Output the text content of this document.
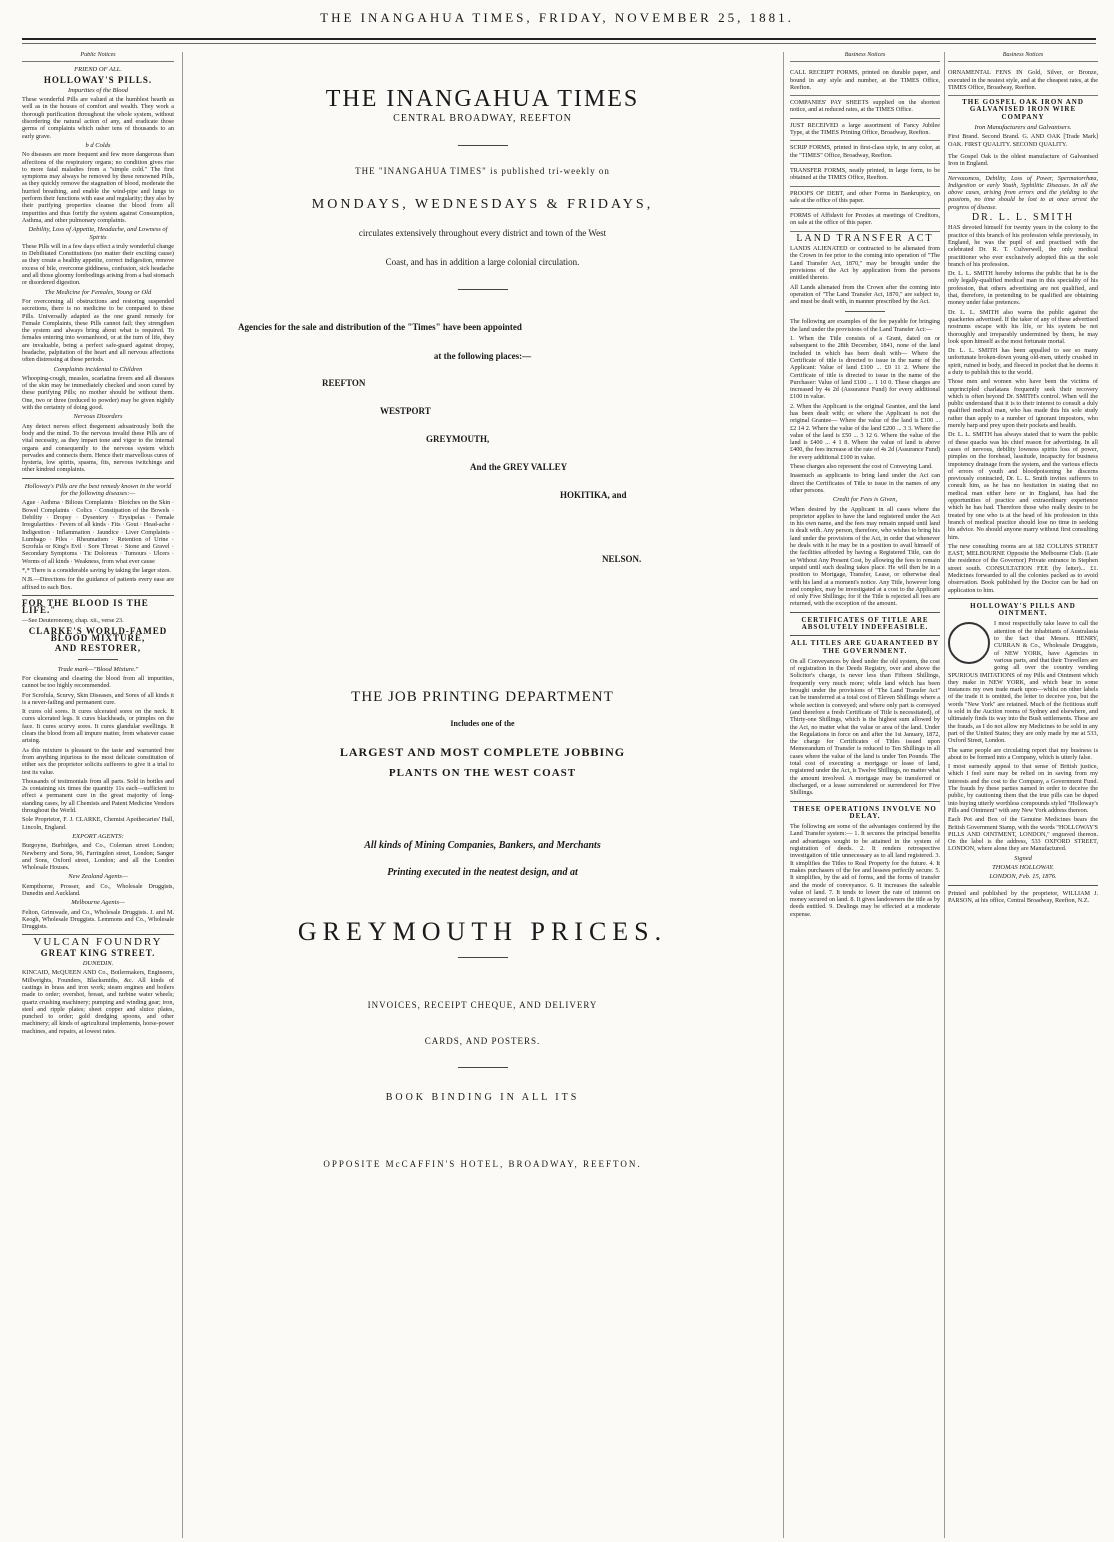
THE INANGAHUA TIMES, FRIDAY, NOVEMBER 25, 1881.
Public Notices
FRIEND OF ALL.
HOLLOWAY'S PILLS.
Impurities of the Blood
These wonderful Pills are valued at the humblest hearth as well as in the houses of comfort and wealth. They work a thorough purification throughout the whole system, without disordering the natural action of any, and eradicate those germs of complaints which usher tens of thousands to an early grave.
b d Colds
No diseases are more frequent and few more dangerous than affections of the respiratory organs; no condition gives rise to more fatal maladies from a "simple cold." The first symptoms may always be removed by these renowned Pills, as they quickly remove the stagnation of blood, moderate the hurried breathing, and enable the wind-pipe and lungs to perform their functions with ease and regularity; they also by their purifying properties cleanse the blood from all impurities and thus fortify the system against Consumption, Asthma, and other pulmonary complaints.
Debility, Loss of Appetite, Headache, and Lowness of Spirits
These Pills will in a few days effect a truly wonderful change in Debilitated Constitutions (no matter their exciting cause) as they create a healthy appetite, correct indigestion, remove excess of bile, overcome giddiness, confusion, sick headache and all those gloomy forebodings arising from a bad stomach or disordered digestion.
The Medicine for Females, Young or Old
For overcoming all obstructions and restoring suspended secretions, there is no medicine to be compared to these Pills. Universally adapted as the one grand remedy for Female Complaints, these Pills cannot fail; they strengthen the system and always bring about what is required. To females entering into womanhood, or at the turn of life, they are invaluable, being a perfect safe-guard against dropsy, headache, palpitation of the heart and all nervous affections often distressing at these periods.
Complaints incidental to Children
Whooping-cough, measles, scarlatina fevers and all diseases of the skin may be immediately checked and soon cured by these purifying Pills; no mother should be without them. One, two or three (reduced to powder) may be given nightly with the certainty of doing good.
Nervous Disorders
Any detect nerves effect thegement adoastrously both the body and the mind. To the nervous invalid these Pills are of vital necessity, as they impart tone and vigor to the internal organs and consequently to the nervous system which pervades and connects them. Hence their marvellous cures of hysteria, low spirits, spasms, fits, nervous twitchings and other kindred complaints.
Holloway's Pills are the best remedy known in the world for the following diseases:—
Ague · Asthma · Bilious Complaints · Blotches on the Skin · Bowel Complaints · Colics · Constipation of the Bowels · Debility · Dropsy · Dysentery · Erysipelas · Female Irregularities · Fevers of all kinds · Fits · Gout · Head-ache · Indigestion · Inflammation · Jaundice · Liver Complaints · Lumbago · Piles · Rheumatism · Retention of Urine · Scrofula or King's Evil · Sore Throat · Stone and Gravel · Secondary Symptoms · Tic Doloreux · Tumours · Ulcers · Worms of all kinds · Weakness, from what ever cause
*,* There is a considerable saving by taking the larger sizes.
N.B.—Directions for the guidance of patients every ease are affixed to each Box.
FOR THE BLOOD IS THE LIFE."
—See Deuteronomy, chap. xii., verse 23.
CLARKE'S WORLD-FAMED BLOOD MIXTURE,
AND RESTORER,
Trade mark—"Blood Mixture."
For cleansing and clearing the blood from all impurities, cannot be too highly recommended.
For Scrofula, Scurvy, Skin Diseases, and Sores of all kinds it is a never-failing and permanent cure.
It cures old sores. It cures ulcerated sores on the neck. It cures ulcerated legs. It cures blackheads, or pimples on the face. It cures scurvy sores. It cures glandular swellings. It clears the blood from all impure matter, from whatever cause arising.
As this mixture is pleasant to the taste and warranted free from anything injurious to the most delicate constitution of either sex the proprietor solicits sufferers to give it a trial to test its value.
Thousands of testimonials from all parts. Sold in bottles and 2s containing six times the quantity 11s each—sufficient to effect a permanent cure in the great majority of long-standing cases, by all Chemists and Patent Medicine Vendors throughout the World.
Sole Proprietor, F. J. CLARKE, Chemist Apothecaries' Hall, Lincoln, England.
EXPORT AGENTS:
Burgoyne, Burbidges, and Co., Coleman street London; Newberry and Sons, 96, Farringdon street, London; Sanger and Sons, Oxford street, London; and all the London Wholesale Houses.
New Zealand Agents—
Kempthorne, Prosser, and Co., Wholesale Druggists, Dunedin and Auckland.
Melbourne Agents—
Felton, Grimwade, and Co., Wholesale Druggists. J. and M. Keogh, Wholesale Druggists. Lemmons and Co., Wholesale Druggists.
VULCAN FOUNDRY
GREAT KING STREET.
DUNEDIN.
KINCAID, McQUEEN AND Co., Boilermakers, Engineers, Millwrights, Founders, Blacksmiths, &c. All kinds of castings in brass and iron work; steam engines and boilers made to order; overshot, breast, and turbine water wheels; quartz crushing machinery; pumping and winding gear; iron, steel and ripple plates; sheet copper and sluice plates, punched to order; gold dredging spoons, and other machinery; all kinds of agricultural implements, horse-power machines, and repairs, at lowest rates.
THE INANGAHUA TIMES
CENTRAL BROADWAY, REEFTON
THE "INANGAHUA TIMES" is published tri-weekly on
MONDAYS, WEDNESDAYS & FRIDAYS,
circulates extensively throughout every district and town of the West
Coast, and has in addition a large colonial circulation.
Agencies for the sale and distribution of the "Times" have been appointed
at the following places:—
REEFTON
WESTPORT
GREYMOUTH,
And the GREY VALLEY
HOKITIKA, and
NELSON.
THE JOB PRINTING DEPARTMENT
Includes one of the
LARGEST AND MOST COMPLETE JOBBING
PLANTS ON THE WEST COAST
All kinds of Mining Companies, Bankers, and Merchants
Printing executed in the neatest design, and at
GREYMOUTH PRICES.
INVOICES, RECEIPT CHEQUE, AND DELIVERY
CARDS, AND POSTERS.
BOOK BINDING IN ALL ITS
OPPOSITE McCAFFIN'S HOTEL, BROADWAY, REEFTON.
Business Notices
CALL RECEIPT FORMS, printed on durable paper, and bound in any style and number, at the TIMES Office, Reefton.
COMPANIES' PAY SHEETS supplied on the shortest notice, and at reduced rates, at the TIMES Office.
JUST RECEIVED a large assortment of Fancy Jubilee Type, at the TIMES Printing Office, Broadway, Reefton.
SCRIP FORMS, printed in first-class style, in any color, at the "TIMES" Office, Broadway, Reefton.
TRANSFER FORMS, neatly printed, in large form, to be obtained at the TIMES Office, Reefton.
PROOFS OF DEBT, and other Forms in Bankruptcy, on sale at the office of this paper.
FORMS of Affidavit for Proxies at meetings of Creditors, on sale at the office of this paper.
LAND TRANSFER ACT
LANDS ALIENATED or contracted to be alienated from the Crown in fee prior to the coming into operation of "The Land Transfer Act, 1870," may be brought under the provisions of the Act by application from the persons entitled thereto.
All Lands alienated from the Crown after the coming into operation of "The Land Transfer Act, 1870," are subject to, and must be dealt with, in manner prescribed by the Act.
The following are examples of the fee payable for bringing the land under the provisions of the Land Transfer Act:—
1. When the Title consists of a Grant, dated on or subsequent to the 28th December, 1841, none of the land included in which has been dealt with— Where the Certificate of title is directed to issue in the name of the Applicant: Value of land £100 ... £0 11 2. Where the Certificate of title is directed to issue in the name of the Purchaser: Value of land £100 ... 1 10 0. These charges are increased by 4s 2d (Assurance Fund) for every additional £100 in value.
2. When the Applicant is the original Grantee, and the land has been dealt with; or where the Applicant is not the original Grantee— Where the value of the land is £100 ... £2 14 2. Where the value of the land £200 ... 3 3. Where the value of the land is £50 ... 3 12 6. Where the value of the land is £400 ... 4 1 8. Where the value of land is above £400, the fees increase at the rate of 4s 2d (Assurance Fund) for every additional £100 in value.
These charges also represent the cost of Conveying Land.
Inasmuch as applicants to bring land under the Act can direct the Certificates of Title to issue in the names of any other persons.
Credit for Fees is Given,
When desired by the Applicant in all cases where the proprietor applies to have the land registered under the Act in his own name, and the fees may remain unpaid until land is dealt with. Any person, therefore, who wishes to bring his land under the provisions of the Act, in order that whenever he deals with it he may be in a position to avail himself of the facilities afforded by having a Registered Title, can do so Without Any Present Cost, by allowing the fees to remain unpaid until such dealing takes place. He will then be in a position to Mortgage, Transfer, Lease, or otherwise deal with his land at a moment's notice. Any Title, however long and complex, may be investigated at a cost to the Applicant of only Five Shillings; for if the Title is rejected all fees are returned, with the exception of the amount.
CERTIFICATES OF TITLE ARE ABSOLUTELY INDEFEASIBLE.
ALL TITLES ARE GUARANTEED BY THE GOVERNMENT.
On all Conveyances by deed under the old system, the cost of registration in the Deeds Registry, over and above the Solicitor's charge, is never less than Fifteen Shillings, frequently very much more; while land which has been brought under the provisions of "The Land Transfer Act" can be transferred at a total cost of Eleven Shillings where a whole section is conveyed; and where only part is conveyed (and therefore a fresh Certificate of Title is necessitated), of Thirty-one Shillings, which is the highest sum allowed by the Act, no matter what the value or area of the land. Under the Regulations in force on and after the 1st January, 1872, the charge for Certificates of Titles issued upon Memorandum of Transfer is reduced to Ten Shillings in all cases where the value of the land is under Ten Pounds. The total cost of executing a mortgage or lease of land, registered under the Act, is Twelve Shillings, no matter what the amount involved. A mortgage may be transferred or discharged, or a lease surrendered or surrendered for Five Shillings.
THESE OPERATIONS INVOLVE NO DELAY.
The following are some of the advantages conferred by the Land Transfer system:— 1. It secures the principal benefits and advantages sought to be attained in the system of registration of deeds. 2. It renders retrospective investigation of title unnecessary as to all land registered. 3. It simplifies the Titles to Real Property for the future. 4. It makes purchasers of the fee and lessees perfectly secure. 5. It simplifies, by the aid of forms, and the forms of transfer and the mode of conveyance. 6. It increases the saleable value of land. 7. It tends to lower the rate of interest on money secured on land. 8. It gives landowners the title as by deeds entitled. 9. Dealings may be effected at a moderate expense.
Business Notices
ORNAMENTAL FENS IN Gold, Silver, or Bronze, executed in the neatest style, and at the cheapest rates, at the TIMES Office, Broadway, Reefton.
THE GOSPEL OAK IRON AND GALVANISED IRON WIRE COMPANY
Iron Manufacturers and Galvanisers.
First Brand. Second Brand. G. AND OAK [Trade Mark] OAK. FIRST QUALITY. SECOND QUALITY.
The Gospel Oak is the oldest manufacture of Galvanised Iron in England.
Nervousness, Debility, Loss of Power, Spermatorrhœa, Indigestion or early Youth, Syphilitic Diseases. In all the above cases, arising from errors and the yielding to the passions, no time should be lost to at once arrest the progress of disease.
DR. L. L. SMITH
HAS devoted himself for twenty years in the colony to the practice of this branch of his profession while previously, in England, he was the pupil of and practised with the celebrated Dr. R. T. Culverwell, the only medical practitioner who ever exclusively adopted this as the sole branch of his profession.
Dr. L. L. SMITH hereby informs the public that he is the only legally-qualified medical man in this speciality of his profession, that others advertising are not qualified, and that, therefore, in pretending to be qualified are obtaining money under false pretences.
Dr. L. L. SMITH also warns the public against the quackeries advertised. If the taker of any of these advertised nostrums escape with his life, or his system be not thoroughly and irreparably undermined by them, he may look upon himself as the most fortunate mortal.
Dr. L. L. SMITH has been appalled to see so many unfortunate broken-down young old-men, utterly crushed in spirit, ruined in body, and fleeced in pocket that he deems it a duty to publish this to the world.
Those men and women who have been the victims of unprincipled charlatans frequently seek their recovery which is often beyond Dr. SMITH's control. When will the public understand that it is to their interest to consult a duly qualified medical man, who has made this his sole study rather than apply to a number of ignorant impostors, who merely harp and prey upon their pockets and health.
Dr. L. L. SMITH has always stated that to warn the public of these quacks was his chief reason for advertising. In all cases of nervous, debility lowness spirits loss of power, pimples on the forehead, lassitude, incapacity for business impotency drainage from the system, and the various effects of errors of youth and bloodpoisoning he discerns previously contracted, Dr. L. L. Smith invites sufferers to consult him, as he has no hesitation in stating that no medical man either here or in England, has had the opportunities of practice and extraordinary experience which he has had. Therefore those who really desire to be treated by one who is at the head of his profession in this branch of medical practice should lose no time in seeking his advice. No should anyone marry without first consulting him.
The new consulting rooms are at 182 COLLINS STREET EAST, MELBOURNE Opposite the Melbourne Club. (Late the residence of the Governor) Private entrance in Stephen street south. CONSULTATION FEE (by letter)... £1. Medicines forwarded to all the colonies packed as to avoid observation. Book published by the Doctor can be had on application to him.
HOLLOWAY'S PILLS AND OINTMENT.
I most respectfully take leave to call the attention of the inhabitants of Australasia to the fact that Messrs. HENRY, CURRAN & Co., Wholesale Druggists, of NEW YORK, have Agencies in various parts, and that their Travellers are going all over the country vending SPURIOUS IMITATIONS of my Pills and Ointment which they make in NEW YORK, and which bear in some instances my own trade mark upon—whilst on other labels of the trade it is omitted, the letter to deceive you, but the words "New York" are retained. Much of the fictitious stuff is sold in the Auction rooms of Sydney and elsewhere, and ultimately finds its way into the Bush settlements. These are the frauds, as I do not allow my Medicines to be sold in any part of the United States; they are only made by me at 533, Oxford Street, London.
The same people are circulating report that my business is about to be formed into a Company, which is utterly false.
I most earnestly appeal to that sense of British justice, which I feel sure may be relied on in saving from my interests and the cost to the Company, a Government Fund. The frauds by these parties named in order to deceive the public, by cautioning them that the true pills can be duped into buying utterly worthless compounds styled "Holloway's Pills and Ointment" with any New York address thereon.
Each Pot and Box of the Genuine Medicines bears the British Government Stamp, with the words "HOLLOWAY'S PILLS AND OINTMENT, LONDON," engraved thereon. On the label is the address, 533 OXFORD STREET, LONDON, where alone they are Manufactured.
Signed
THOMAS HOLLOWAY.
LONDON, Feb. 15, 1876.
Printed and published by the proprietor, WILLIAM J. PARSON, at his office, Central Broadway, Reefton, N.Z.
